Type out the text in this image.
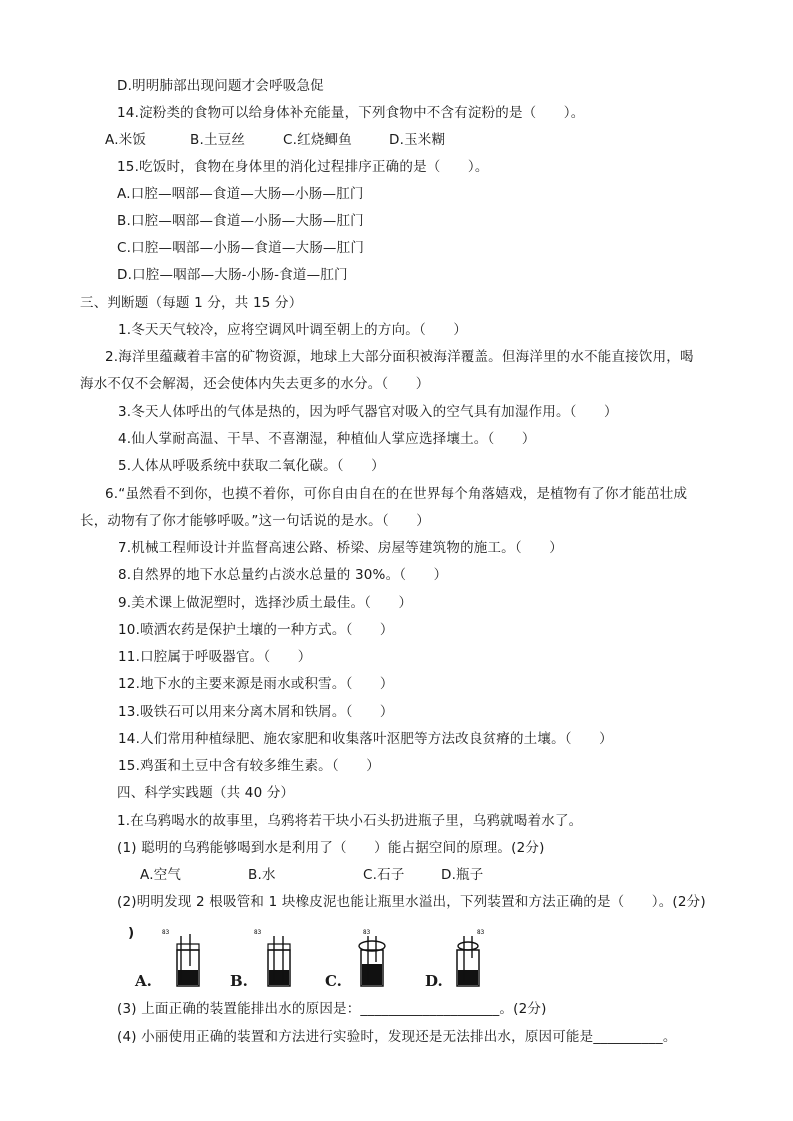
D.明明肺部出现问题才会呼吸急促
14.淀粉类的食物可以给身体补充能量，下列食物中不含有淀粉的是（　　）。
A.米饭	B.土豆丝	C.红烧鲫鱼	D.玉米糊
15.吃饭时，食物在身体里的消化过程排序正确的是（　　）。
A.口腔—咽部—食道—大肠—小肠—肛门
B.口腔—咽部—食道—小肠—大肠—肛门
C.口腔—咽部—小肠—食道—大肠—肛门
D.口腔—咽部—大肠-小肠-食道—肛门
三、判断题（每题 1 分，共 15 分）
1.冬天天气较冷，应将空调风叶调至朝上的方向。（　　）
2.海洋里蕴藏着丰富的矿物资源，地球上大部分面积被海洋覆盖。但海洋里的水不能直接饮用，喝
海水不仅不会解渴，还会使体内失去更多的水分。（　　）
3.冬天人体呼出的气体是热的，因为呼气器官对吸入的空气具有加湿作用。（　　）
4.仙人掌耐高温、干旱、不喜潮湿，种植仙人掌应选择壤土。（　　）
5.人体从呼吸系统中获取二氧化碳。（　　）
6.“虽然看不到你，也摸不着你，可你自由自在的在世界每个角落嬉戏，是植物有了你才能茁壮成
长，动物有了你才能够呼吸。”这一句话说的是水。（　　）
7.机械工程师设计并监督高速公路、桥梁、房屋等建筑物的施工。（　　）
8.自然界的地下水总量约占淡水总量的 30%。（　　）
9.美术课上做泥塑时，选择沙质土最佳。（　　）
10.喷洒农药是保护土壤的一种方式。（　　）
11.口腔属于呼吸器官。（　　）
12.地下水的主要来源是雨水或积雪。（　　）
13.吸铁石可以用来分离木屑和铁屑。（　　）
14.人们常用种植绿肥、施农家肥和收集落叶沤肥等方法改良贫瘠的土壤。（　　）
15.鸡蛋和土豆中含有较多维生素。（　　）
四、科学实践题（共 40 分）
1.在乌鸦喝水的故事里，乌鸦将若干块小石头扔进瓶子里，乌鸦就喝着水了。
(1) 聪明的乌鸦能够喝到水是利用了（　　）能占据空间的原理。(2分)
A.空气	B.水	C.石子	D.瓶子
(2)明明发现 2 根吸管和 1 块橡皮泥也能让瓶里水溢出，下列装置和方法正确的是（　　）。(2分)
)	83
A.
83
B.
83
C.
83
D.
(3) 上面正确的装置能排出水的原因是：____________________。(2分)
(4) 小丽使用正确的装置和方法进行实验时，发现还是无法排出水，原因可能是__________。
